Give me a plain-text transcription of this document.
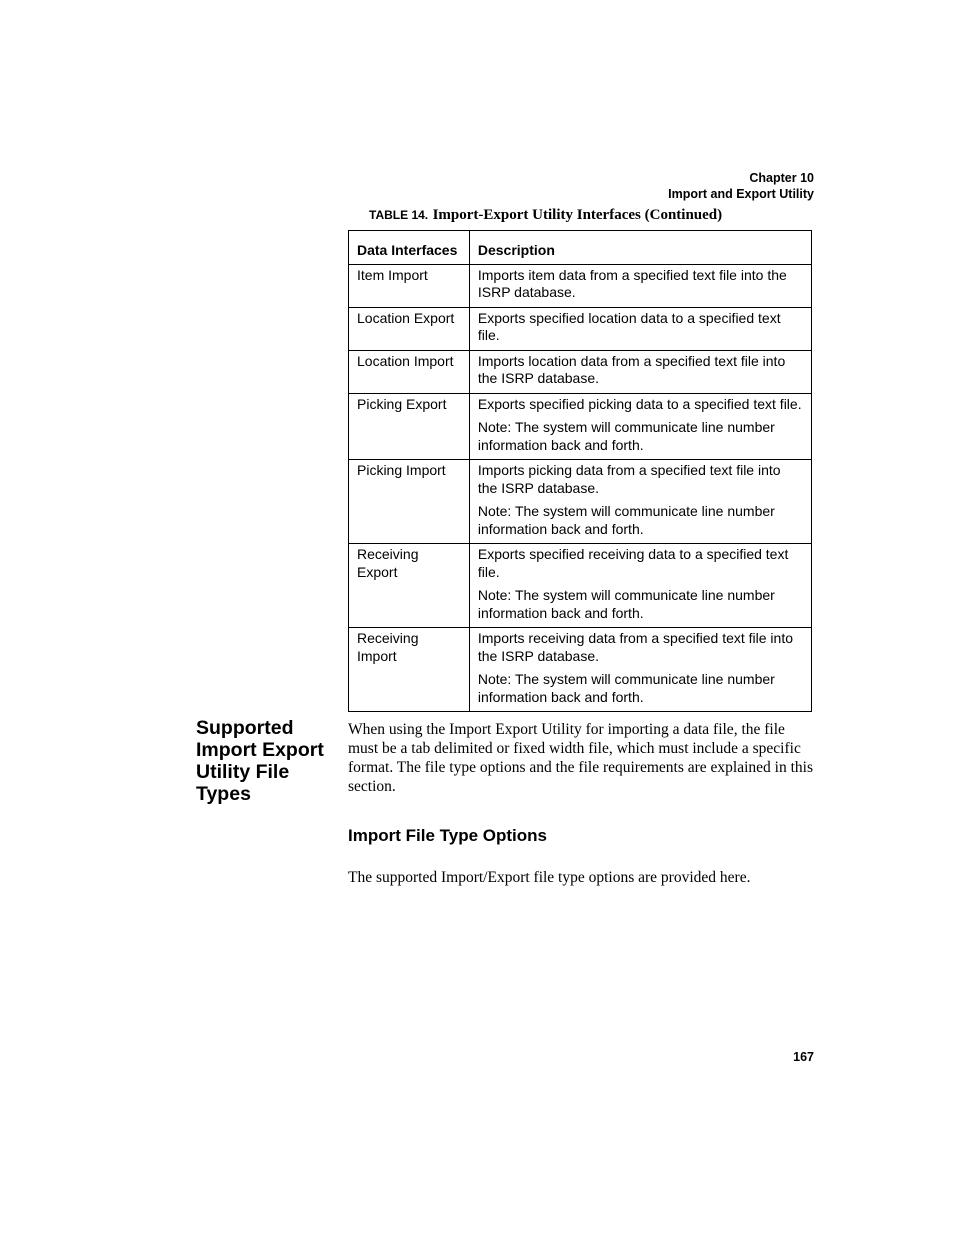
Chapter 10
Import and Export Utility
TABLE 14. Import-Export Utility Interfaces (Continued)
Data Interfaces	Description
Item Import	Imports item data from a specified text file into the ISRP database.

Location Export	Exports specified location data to a specified text file.

Location Import	Imports location data from a specified text file into the ISRP database.

Picking Export	Exports specified picking data to a specified text file.

Note: The system will communicate line number information back and forth.

Picking Import	Imports picking data from a specified text file into the ISRP database.

Note: The system will communicate line number information back and forth.

Receiving Export	Exports specified receiving data to a specified text file.

Note: The system will communicate line number information back and forth.

Receiving Import	Imports receiving data from a specified text file into the ISRP database.

Note: The system will communicate line number information back and forth.

Supported Import Export Utility File Types

When using the Import Export Utility for importing a data file, the file must be a tab delimited or fixed width file, which must include a specific format. The file type options and the file requirements are explained in this section.

Import File Type Options

The supported Import/Export file type options are provided here.

167
